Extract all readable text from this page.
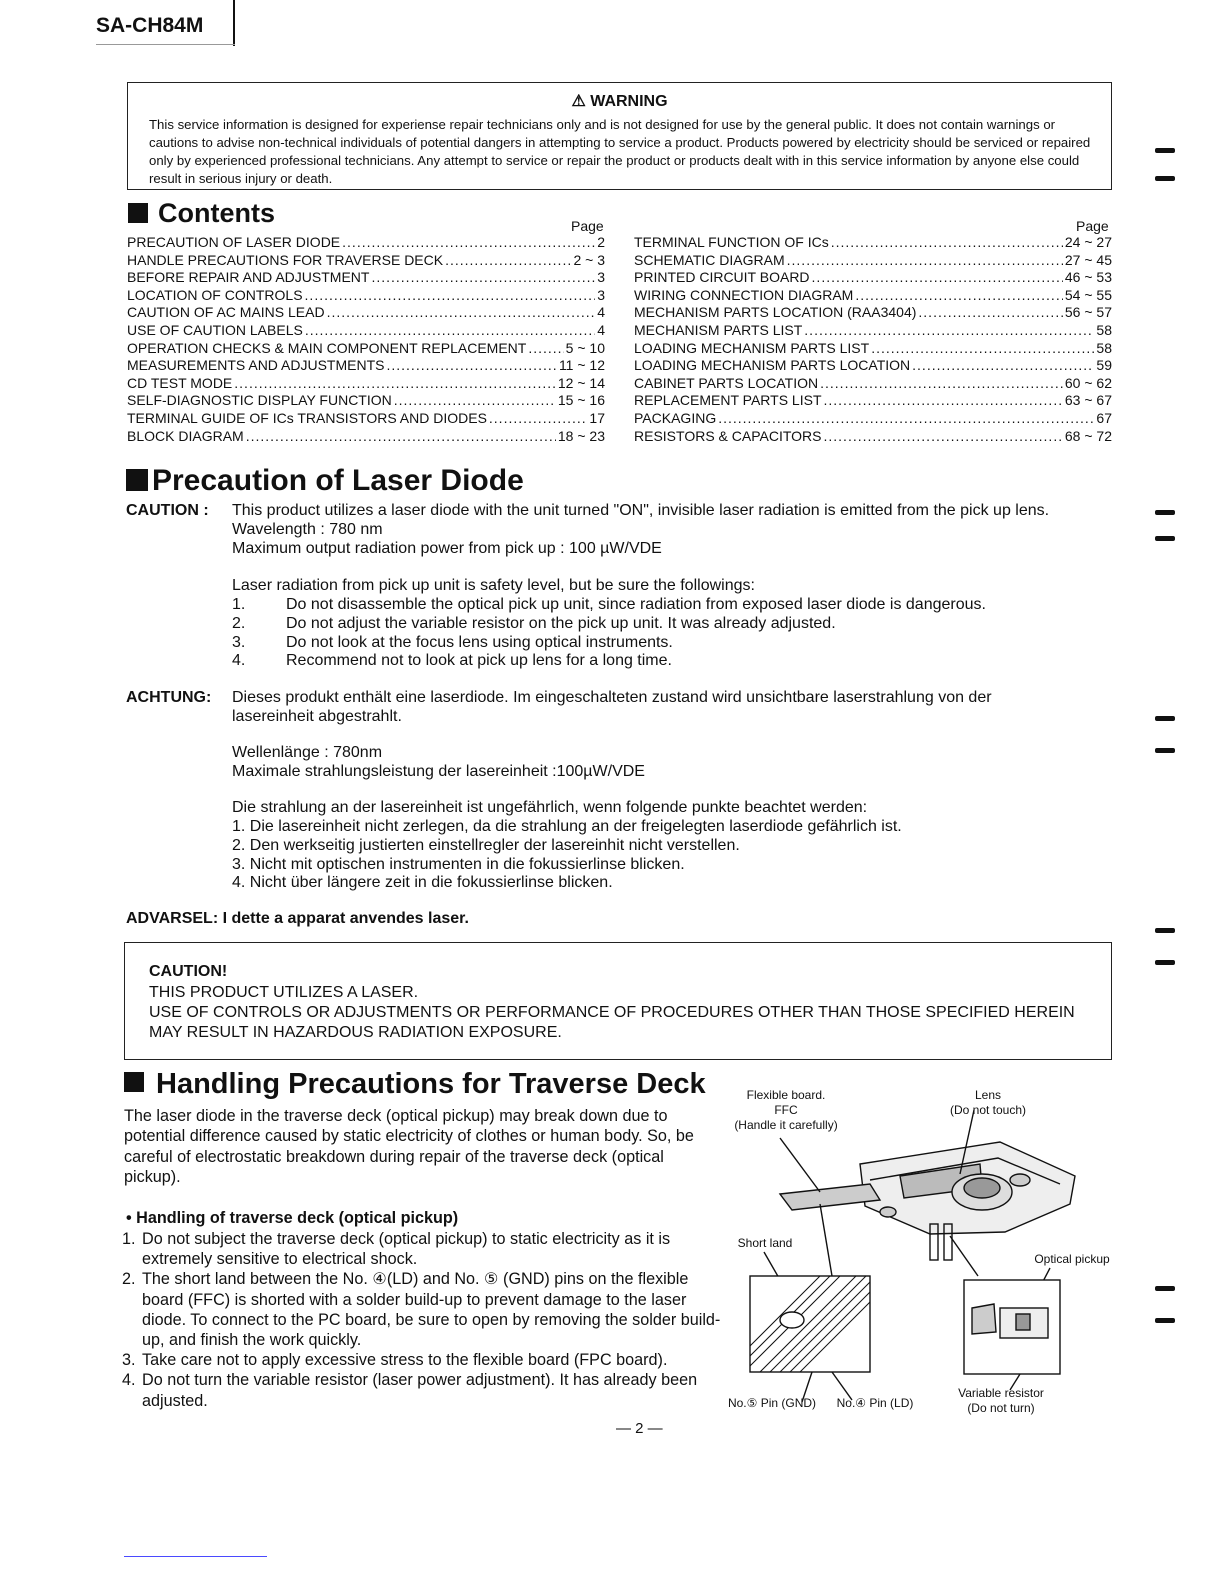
SA-CH84M
⚠ WARNING
This service information is designed for experiense repair technicians only and is not designed for use by the general public. It does not contain warnings or cautions to advise non-technical individuals of potential dangers in attempting to service a product. Products powered by electricity should be serviced or repaired only by experienced professional technicians. Any attempt to service or repair the product or products dealt with in this service information by anyone else could result in serious injury or death.
Contents	Page	Page
PRECAUTION OF LASER DIODE .....	2
HANDLE PRECAUTIONS FOR TRAVERSE DECK .....	2 ~ 3
BEFORE REPAIR AND ADJUSTMENT .....	3
LOCATION OF CONTROLS .....	3
CAUTION OF AC MAINS LEAD .....	4
USE OF CAUTION LABELS .....	4
OPERATION CHECKS & MAIN COMPONENT REPLACEMENT .....	5 ~ 10
MEASUREMENTS AND ADJUSTMENTS .....	11 ~ 12
CD TEST MODE .....	12 ~ 14
SELF-DIAGNOSTIC DISPLAY FUNCTION .....	15 ~ 16
TERMINAL GUIDE OF ICs TRANSISTORS AND DIODES .....	17
BLOCK DIAGRAM .....	18 ~ 23
TERMINAL FUNCTION OF ICs .....	24 ~ 27
SCHEMATIC DIAGRAM .....	27 ~ 45
PRINTED CIRCUIT BOARD .....	46 ~ 53
WIRING CONNECTION DIAGRAM .....	54 ~ 55
MECHANISM PARTS LOCATION (RAA3404) .....	56 ~ 57
MECHANISM PARTS LIST .....	58
LOADING MECHANISM PARTS LIST .....	58
LOADING MECHANISM PARTS LOCATION .....	59
CABINET PARTS LOCATION .....	60 ~ 62
REPLACEMENT PARTS LIST .....	63 ~ 67
PACKAGING .....	67
RESISTORS & CAPACITORS .....	68 ~ 72
Precaution of Laser Diode
CAUTION : This product utilizes a laser diode with the unit turned "ON", invisible laser radiation is emitted from the pick up lens.
Wavelength : 780 nm
Maximum output radiation power from pick up : 100 µW/VDE
Laser radiation from pick up unit is safety level, but be sure the followings:
1.	Do not disassemble the optical pick up unit, since radiation from exposed laser diode is dangerous.
2.	Do not adjust the variable resistor on the pick up unit. It was already adjusted.
3.	Do not look at the focus lens using optical instruments.
4.	Recommend not to look at pick up lens for a long time.
ACHTUNG: Dieses produkt enthält eine laserdiode. Im eingeschalteten zustand wird unsichtbare laserstrahlung von der lasereinheit abgestrahlt.
Wellenlänge : 780nm
Maximale strahlungsleistung der lasereinheit :100µW/VDE
Die strahlung an der lasereinheit ist ungefährlich, wenn folgende punkte beachtet werden:
1. Die lasereinheit nicht zerlegen, da die strahlung an der freigelegten laserdiode gefährlich ist.
2. Den werkseitig justierten einstellregler der lasereinhit nicht verstellen.
3. Nicht mit optischen instrumenten in die fokussierlinse blicken.
4. Nicht über längere zeit in die fokussierlinse blicken.
ADVARSEL: I dette a apparat anvendes laser.
CAUTION!
THIS PRODUCT UTILIZES A LASER.
USE OF CONTROLS OR ADJUSTMENTS OR PERFORMANCE OF PROCEDURES OTHER THAN THOSE SPECIFIED HEREIN MAY RESULT IN HAZARDOUS RADIATION EXPOSURE.
Handling Precautions for Traverse Deck
The laser diode in the traverse deck (optical pickup) may break down due to potential difference caused by static electricity of clothes or human body. So, be careful of electrostatic breakdown during repair of the traverse deck (optical pickup).
• Handling of traverse deck (optical pickup)
1. Do not subject the traverse deck (optical pickup) to static electricity as it is extremely sensitive to electrical shock.
2. The short land between the No. ④(LD) and No. ⑤ (GND) pins on the flexible board (FFC) is shorted with a solder build-up to prevent damage to the laser diode. To connect to the PC board, be sure to open by removing the solder build-up, and finish the work quickly.
3. Take care not to apply excessive stress to the flexible board (FPC board).
4. Do not turn the variable resistor (laser power adjustment). It has already been adjusted.
Flexible board.
FFC
(Handle it carefully)
Lens
(Do not touch)
Short land
Optical pickup
No.⑤ Pin (GND)	No.④ Pin (LD)
Variable resistor
(Do not turn)
— 2 —
